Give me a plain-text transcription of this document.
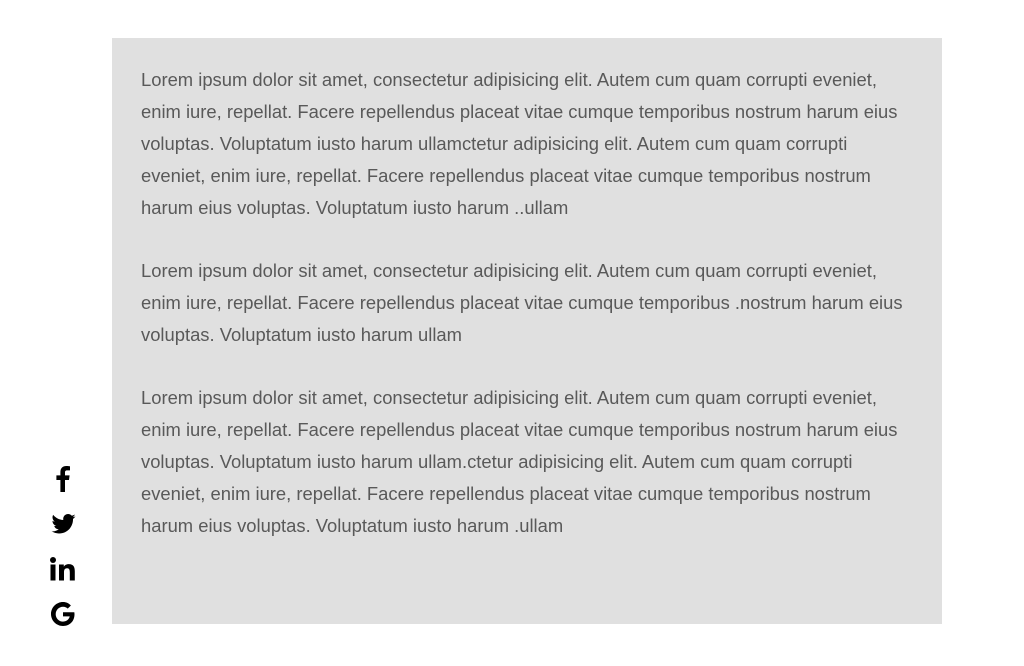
Lorem ipsum dolor sit amet, consectetur adipisicing elit. Autem cum quam corrupti eveniet, enim iure, repellat. Facere repellendus placeat vitae cumque temporibus nostrum harum eius voluptas. Voluptatum iusto harum ullamctetur adipisicing elit. Autem cum quam corrupti eveniet, enim iure, repellat. Facere repellendus placeat vitae cumque temporibus nostrum harum eius voluptas. Voluptatum iusto harum ..ullam

Lorem ipsum dolor sit amet, consectetur adipisicing elit. Autem cum quam corrupti eveniet, enim iure, repellat. Facere repellendus placeat vitae cumque temporibus .nostrum harum eius voluptas. Voluptatum iusto harum ullam

Lorem ipsum dolor sit amet, consectetur adipisicing elit. Autem cum quam corrupti eveniet, enim iure, repellat. Facere repellendus placeat vitae cumque temporibus nostrum harum eius voluptas. Voluptatum iusto harum ullam.ctetur adipisicing elit. Autem cum quam corrupti eveniet, enim iure, repellat. Facere repellendus placeat vitae cumque temporibus nostrum harum eius voluptas. Voluptatum iusto harum .ullam
